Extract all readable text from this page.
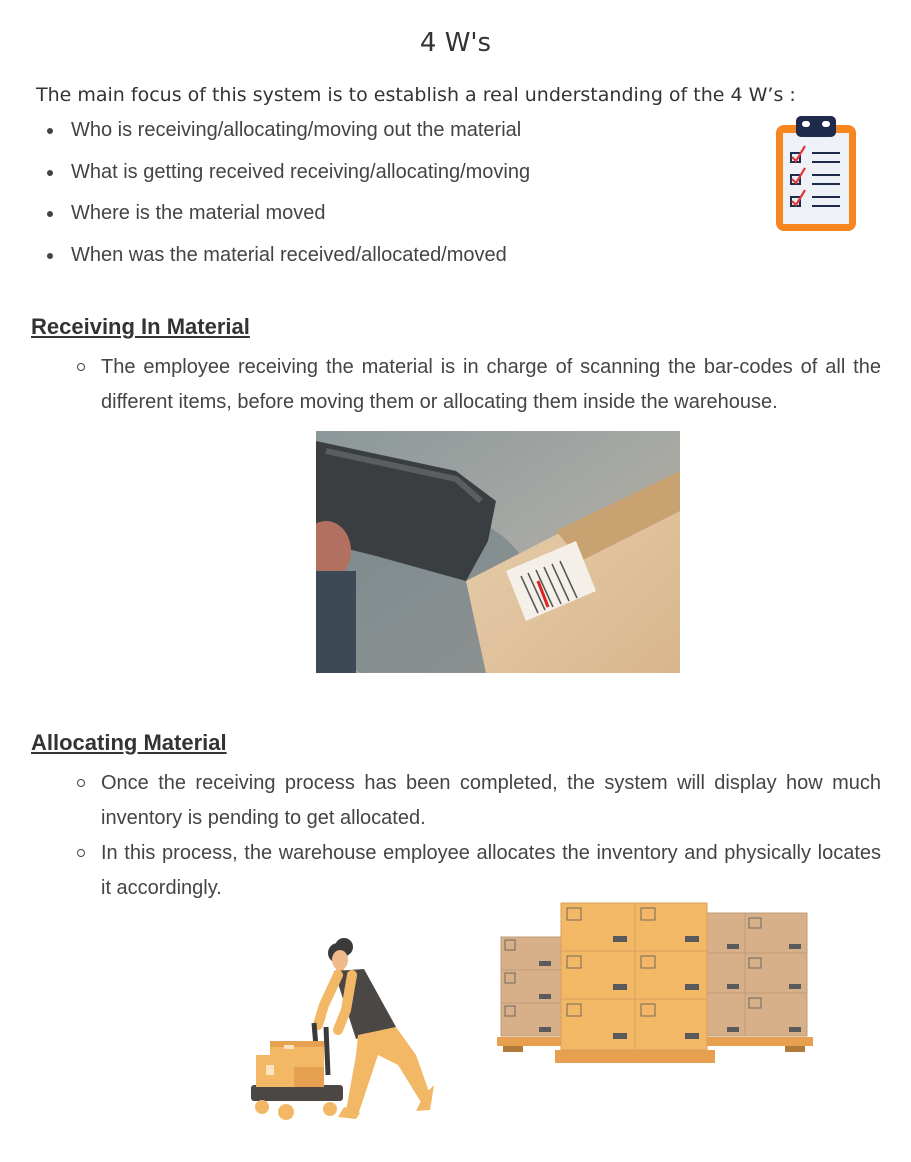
4 W's
The main focus of this system is to establish a real understanding of the 4 W’s :
Who is receiving/allocating/moving out the material
What is getting received receiving/allocating/moving
Where is the material moved
When was the material received/allocated/moved
Receiving In Material
The employee receiving the material is in charge of scanning the bar-codes of all the different items, before moving them or allocating them inside the warehouse.
Allocating Material
Once the receiving process has been completed, the system will display how much inventory is pending to get allocated.
In this process, the warehouse employee allocates the inventory and physically locates it accordingly.
